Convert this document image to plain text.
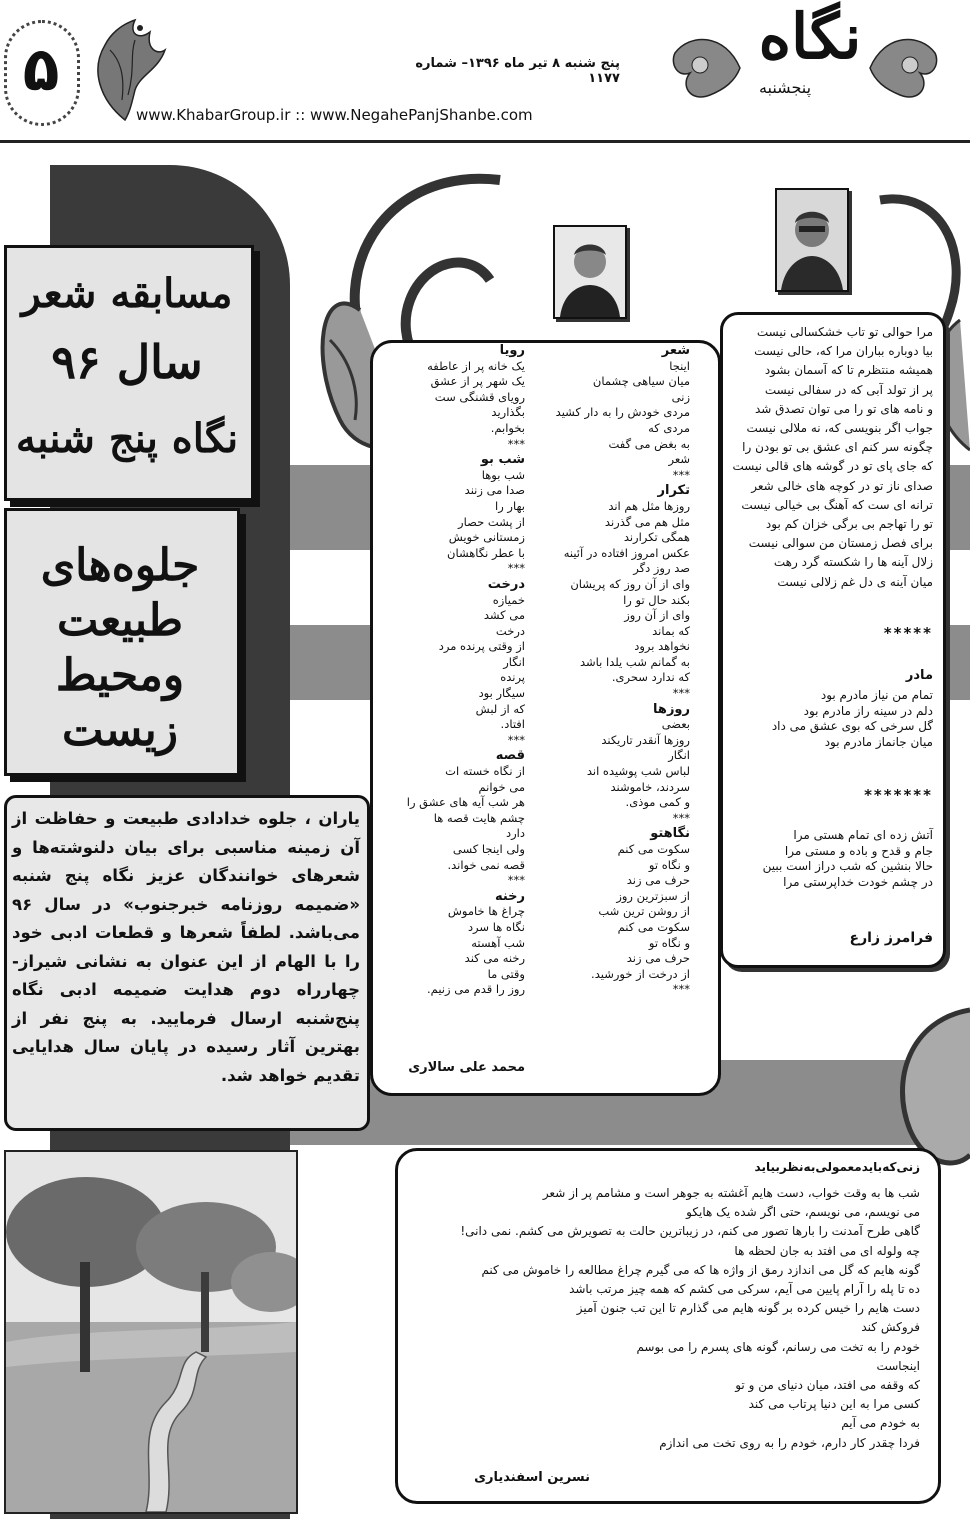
۵	پنج شنبه ۸ تیر ماه ۱۳۹۶– شماره ۱۱۷۷
www.KhabarGroup.ir :: www.NegahePanjShanbe.com
نگاه
پنجشنبه
مسابقه شعر
سال ۹۶
نگاه پنج شنبه
جلوه‌های
طبیعت
ومحیط
زیست
یاران ، جلوه خدادادی طبیعت و حفاظت از آن زمینه مناسبی برای بیان دلنوشته‌ها و شعرهای خوانندگان عزیز نگاه پنج شنبه «ضمیمه روزنامه خبرجنوب» در سال ۹۶ می‌باشد. لطفاً شعرها و قطعات ادبی خود را با الهام از این عنوان به نشانی شیراز- چهارراه دوم هدایت ضمیمه ادبی نگاه پنج‌شنبه ارسال فرمایید. به پنج نفر از بهترین آثار رسیده در پایان سال هدایایی تقدیم خواهد شد.
شعر
اینجا
میان سیاهی چشمان
زنی
مردی خودش را به دار کشید
مردی که
به بغض می گفت
شعر
***
تکرار
روزها مثل هم اند
مثل هم می گذرند
همگی تکرارند
عکس امروز افتاده در آئینه
صد روز دگر
وای از آن روز که پریشان
بکند حال تو را
وای از آن روز
که بماند
نخواهد برود
به گمانم شب یلدا باشد
که ندارد سحری.
***
روزها
بعضی
روزها آنقدر تاریکند
انگار
لباس شب پوشیده اند
سردند، خاموشند
و کمی موذی.
***
نگاهتو
سکوت می کنم
و نگاه تو
حرف می زند
از سبزترین روز
از روشن ترین شب
سکوت می کنم
و نگاه تو
حرف می زند
از درخت از خورشید.
***
رویا
یک خانه پر از عاطفه
یک شهر پر از عشق
رویای قشنگی ست
بگذارید
بخوابم.
***
شب بو
شب بوها
صدا می زنند
بهار را
از پشت حصار
زمستانی خویش
با عطر نگاهشان
***
درخت
خمیازه
می کشد
درخت
از وقتی پرنده مرد
انگار
پرنده
سیگار بود
که از لبش
افتاد.
***
قصه
از نگاه خسته ات
می خوانم
هر شب آیه های عشق را
چشم هایت قصه ها
دارد
ولی اینجا کسی
قصه نمی خواند.
***
رخنه
چراغ ها خاموش
نگاه ها سرد
شب آهسته
رخنه می کند
وقتی ما
روز را قدم می زنیم.
محمد علی سالاری
مرا حوالی تو تاب خشکسالی نیست
بیا دوباره بباران مرا که، حالی نیست
همیشه منتظرم تا که آسمان بشود
پر از تولد آبی که در سفالی نیست
و نامه های تو را می توان تصدق شد
جواب اگر بنویسی که، نه ملالی نیست
چگونه سر کنم ای عشق بی تو بودن را
که جای پای تو در گوشه های قالی نیست
صدای ناز تو در کوچه های خالی شعر
ترانه ای ست که آهنگ بی خیالی نیست
تو را تهاجم بی برگی خزان کم بود
برای فصل زمستان من سوالی نیست
زلال آینه ها را شکسته گرد رهت
میان آینه ی دل غم زلالی نیست
*****
مادر
تمام من نیاز مادرم بود
دلم در سینه راز مادرم بود
گل سرخی که بوی عشق می داد
میان جانماز مادرم بود
*******
آتش زده ای تمام هستی مرا
جام و قدح و باده و مستی مرا
حالا بنشین که شب دراز است ببین
در چشم خودت خداپرستی مرا
فرامرز زارع
زنی‌که‌باید‌معمولی‌به‌نظر‌بیاید
شب ها به وقت خواب، دست هایم آغشته به جوهر است و مشامم پر از شعر
می نویسم، می نویسم، حتی اگر شده یک هایکو
گاهی طرح آمدنت را بارها تصور می کنم، در زیباترین حالت به تصویرش می کشم. نمی دانی!
چه ولوله ای می افتد به جان لحظه ها
گونه هایم که گل می اندازد رمق از واژه ها که می گیرم چراغ مطالعه را خاموش می کنم
ده تا پله را آرام پایین می آیم، سرکی می کشم که همه چیز مرتب باشد
دست هایم را خیس کرده بر گونه هایم می گذارم تا این تب جنون آمیز
فروکش کند
خودم را به تخت می رسانم، گونه های پسرم را می بوسم
اینجاست
که وقفه می افتد، میان دنیای من و تو
کسی مرا به این دنیا پرتاب می کند
به خودم می آیم
فردا چقدر کار دارم، خودم را به روی تخت می اندازم
نسرین اسفندیاری
